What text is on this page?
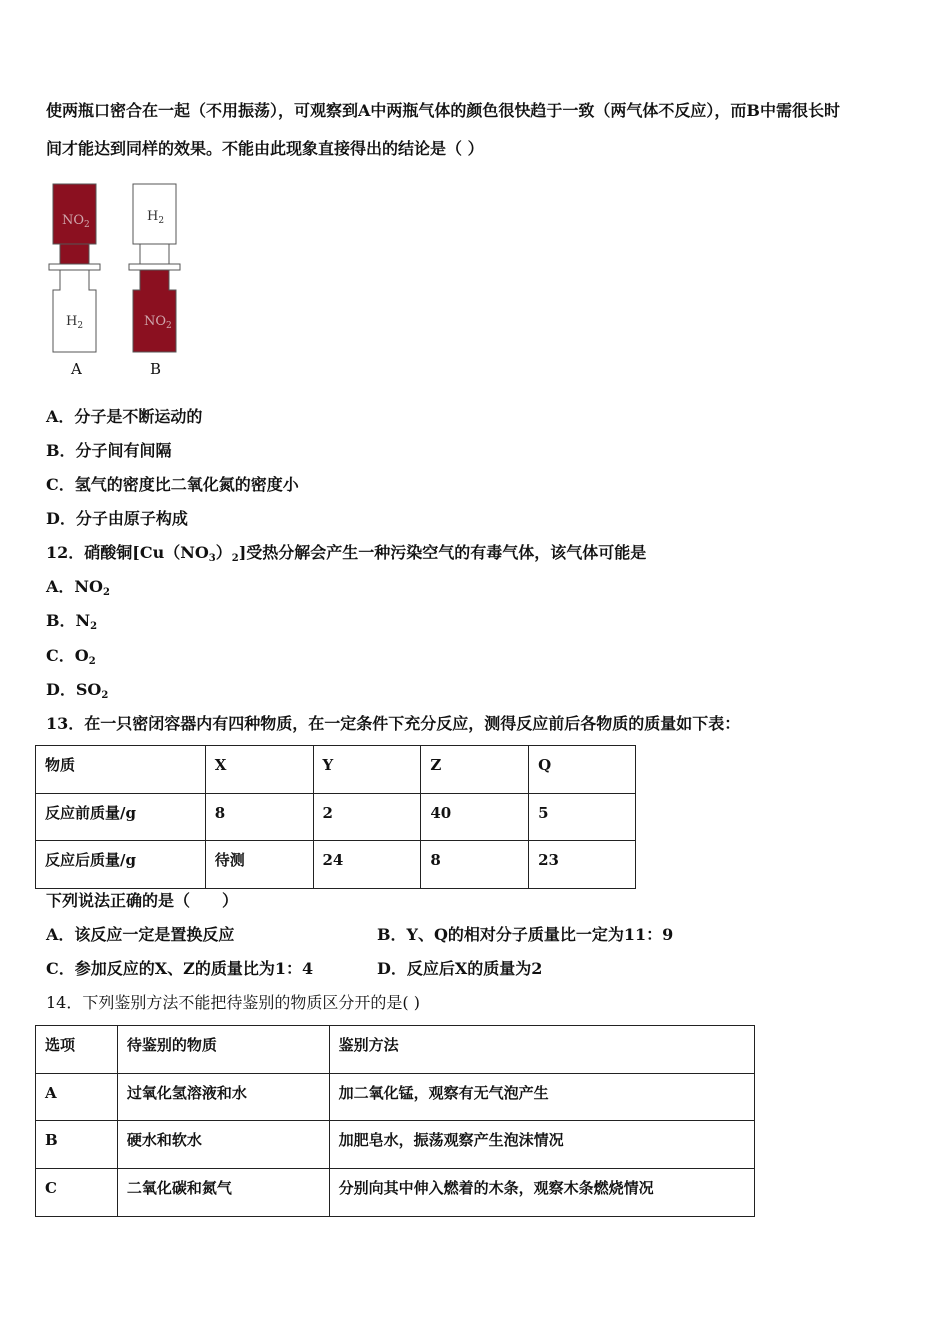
使两瓶口密合在一起（不用振荡），可观察到A中两瓶气体的颜色很快趋于一致（两气体不反应），而B中需很长时
间才能达到同样的效果。不能由此现象直接得出的结论是（ ）
$NO_2$
$H_2$
$H_2$
$NO_2$
A	B
A．分子是不断运动的
B．分子间有间隔
C．氢气的密度比二氧化氮的密度小
D．分子由原子构成
12．硝酸铜$[Cu(NO_3)_2]$受热分解会产生一种污染空气的有毒气体，该气体可能是
A．$NO_2$
B．$N_2$
C．$O_2$
D．$SO_2$
13．在一只密闭容器内有四种物质，在一定条件下充分反应，测得反应前后各物质的质量如下表：
物质	X	Y	Z	Q
反应前质量/g	8	2	40	5
反应后质量/g	待测	24	8	23
下列说法正确的是（　　）
A．该反应一定是置换反应	B．Y、Q的相对分子质量比一定为11：9
C．参加反应的X、Z的质量比为1：4	D．反应后X的质量为2
14．下列鉴别方法不能把待鉴别的物质区分开的是( )
选项	待鉴别的物质	鉴别方法
A	过氧化氢溶液和水	加二氧化锰，观察有无气泡产生
B	硬水和软水	加肥皂水，振荡观察产生泡沫情况
C	二氧化碳和氮气	分别向其中伸入燃着的木条，观察木条燃烧情况
